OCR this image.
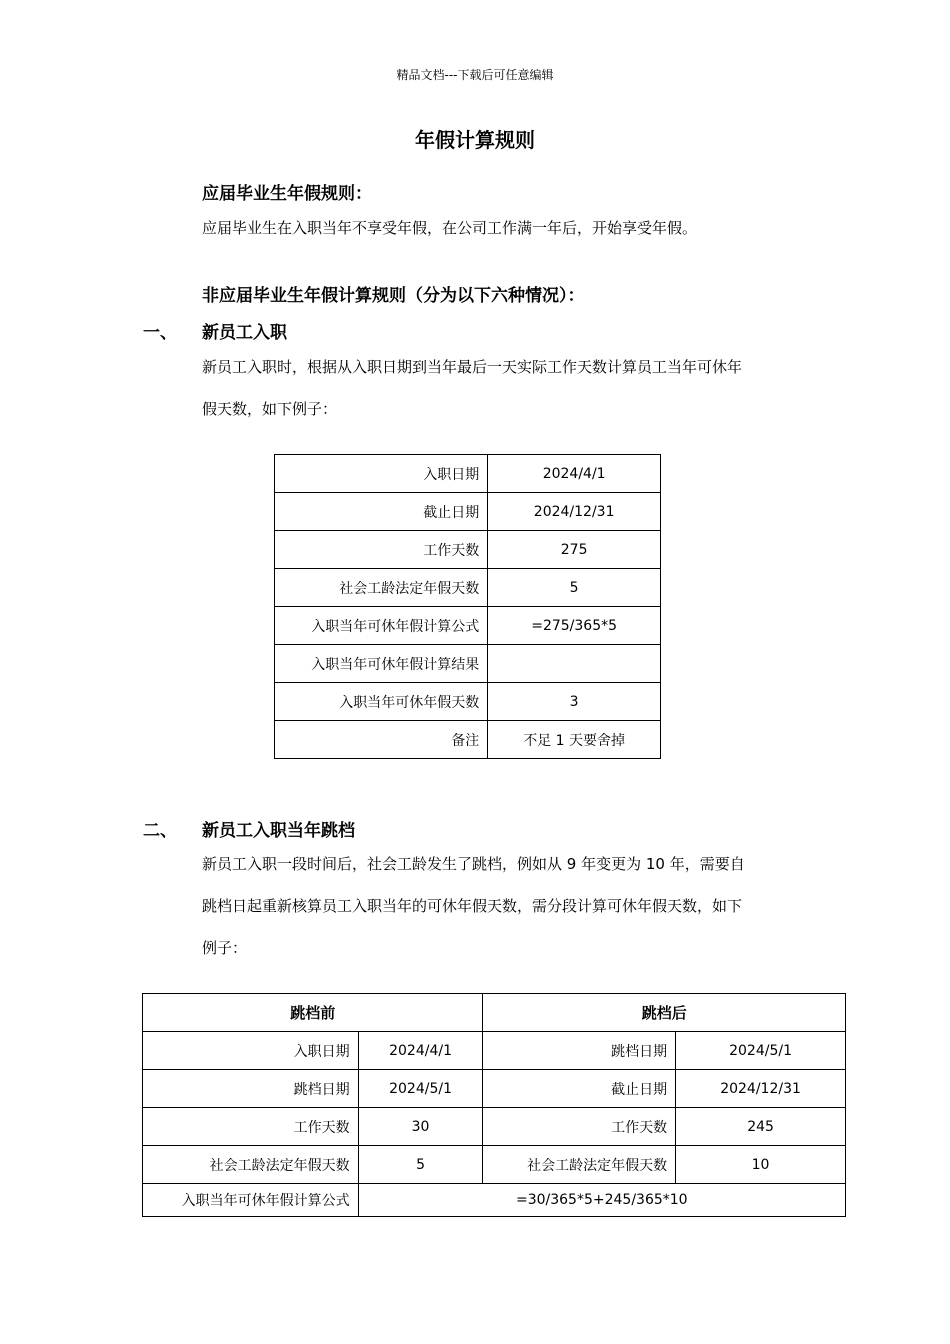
精品文档---下载后可任意编辑
年假计算规则
应届毕业生年假规则：
应届毕业生在入职当年不享受年假，在公司工作满一年后，开始享受年假。
非应届毕业生年假计算规则（分为以下六种情况）：
一、 新员工入职
新员工入职时，根据从入职日期到当年最后一天实际工作天数计算员工当年可休年
假天数，如下例子：
入职日期	2024/4/1
截止日期	2024/12/31
工作天数	275
社会工龄法定年假天数	5
入职当年可休年假计算公式	=275/365*5
入职当年可休年假计算结果	
入职当年可休年假天数	3
备注	不足 1 天要舍掉
二、 新员工入职当年跳档
新员工入职一段时间后，社会工龄发生了跳档，例如从 9 年变更为 10 年，需要自
跳档日起重新核算员工入职当年的可休年假天数，需分段计算可休年假天数，如下
例子：
跳档前		跳档后	
入职日期	2024/4/1	跳档日期	2024/5/1
跳档日期	2024/5/1	截止日期	2024/12/31
工作天数	30	工作天数	245
社会工龄法定年假天数	5	社会工龄法定年假天数	10
入职当年可休年假计算公式	=30/365*5+245/365*10		
